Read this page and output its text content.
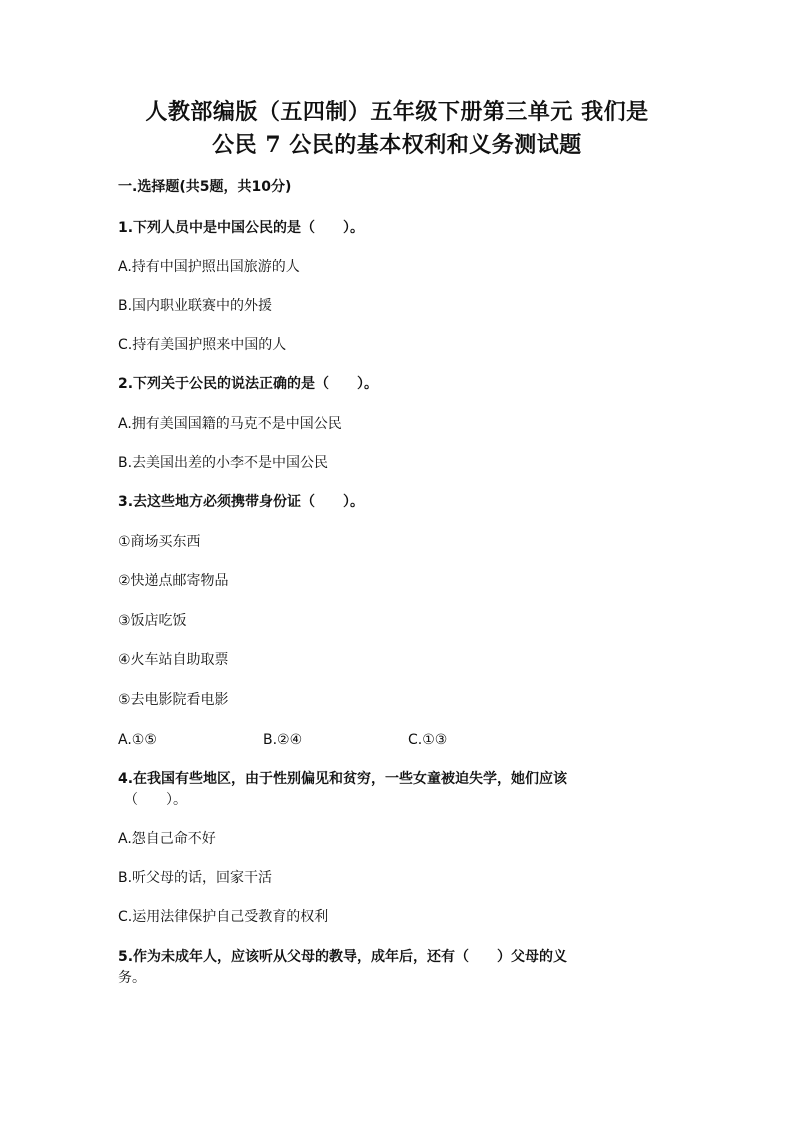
人教部编版（五四制）五年级下册第三单元 我们是
公民 7 公民的基本权利和义务测试题
一.选择题(共5题，共10分)
1.下列人员中是中国公民的是（　　）。
A.持有中国护照出国旅游的人
B.国内职业联赛中的外援
C.持有美国护照来中国的人
2.下列关于公民的说法正确的是（　　）。
A.拥有美国国籍的马克不是中国公民
B.去美国出差的小李不是中国公民
3.去这些地方必须携带身份证（　　）。
①商场买东西
②快递点邮寄物品
③饭店吃饭
④火车站自助取票
⑤去电影院看电影
A.①⑤	B.②④	C.①③
4.在我国有些地区，由于性别偏见和贫穷，一些女童被迫失学，她们应该
（　　）。
A.怨自己命不好
B.听父母的话，回家干活
C.运用法律保护自己受教育的权利
5.作为未成年人，应该听从父母的教导，成年后，还有（　　）父母的义
务。
